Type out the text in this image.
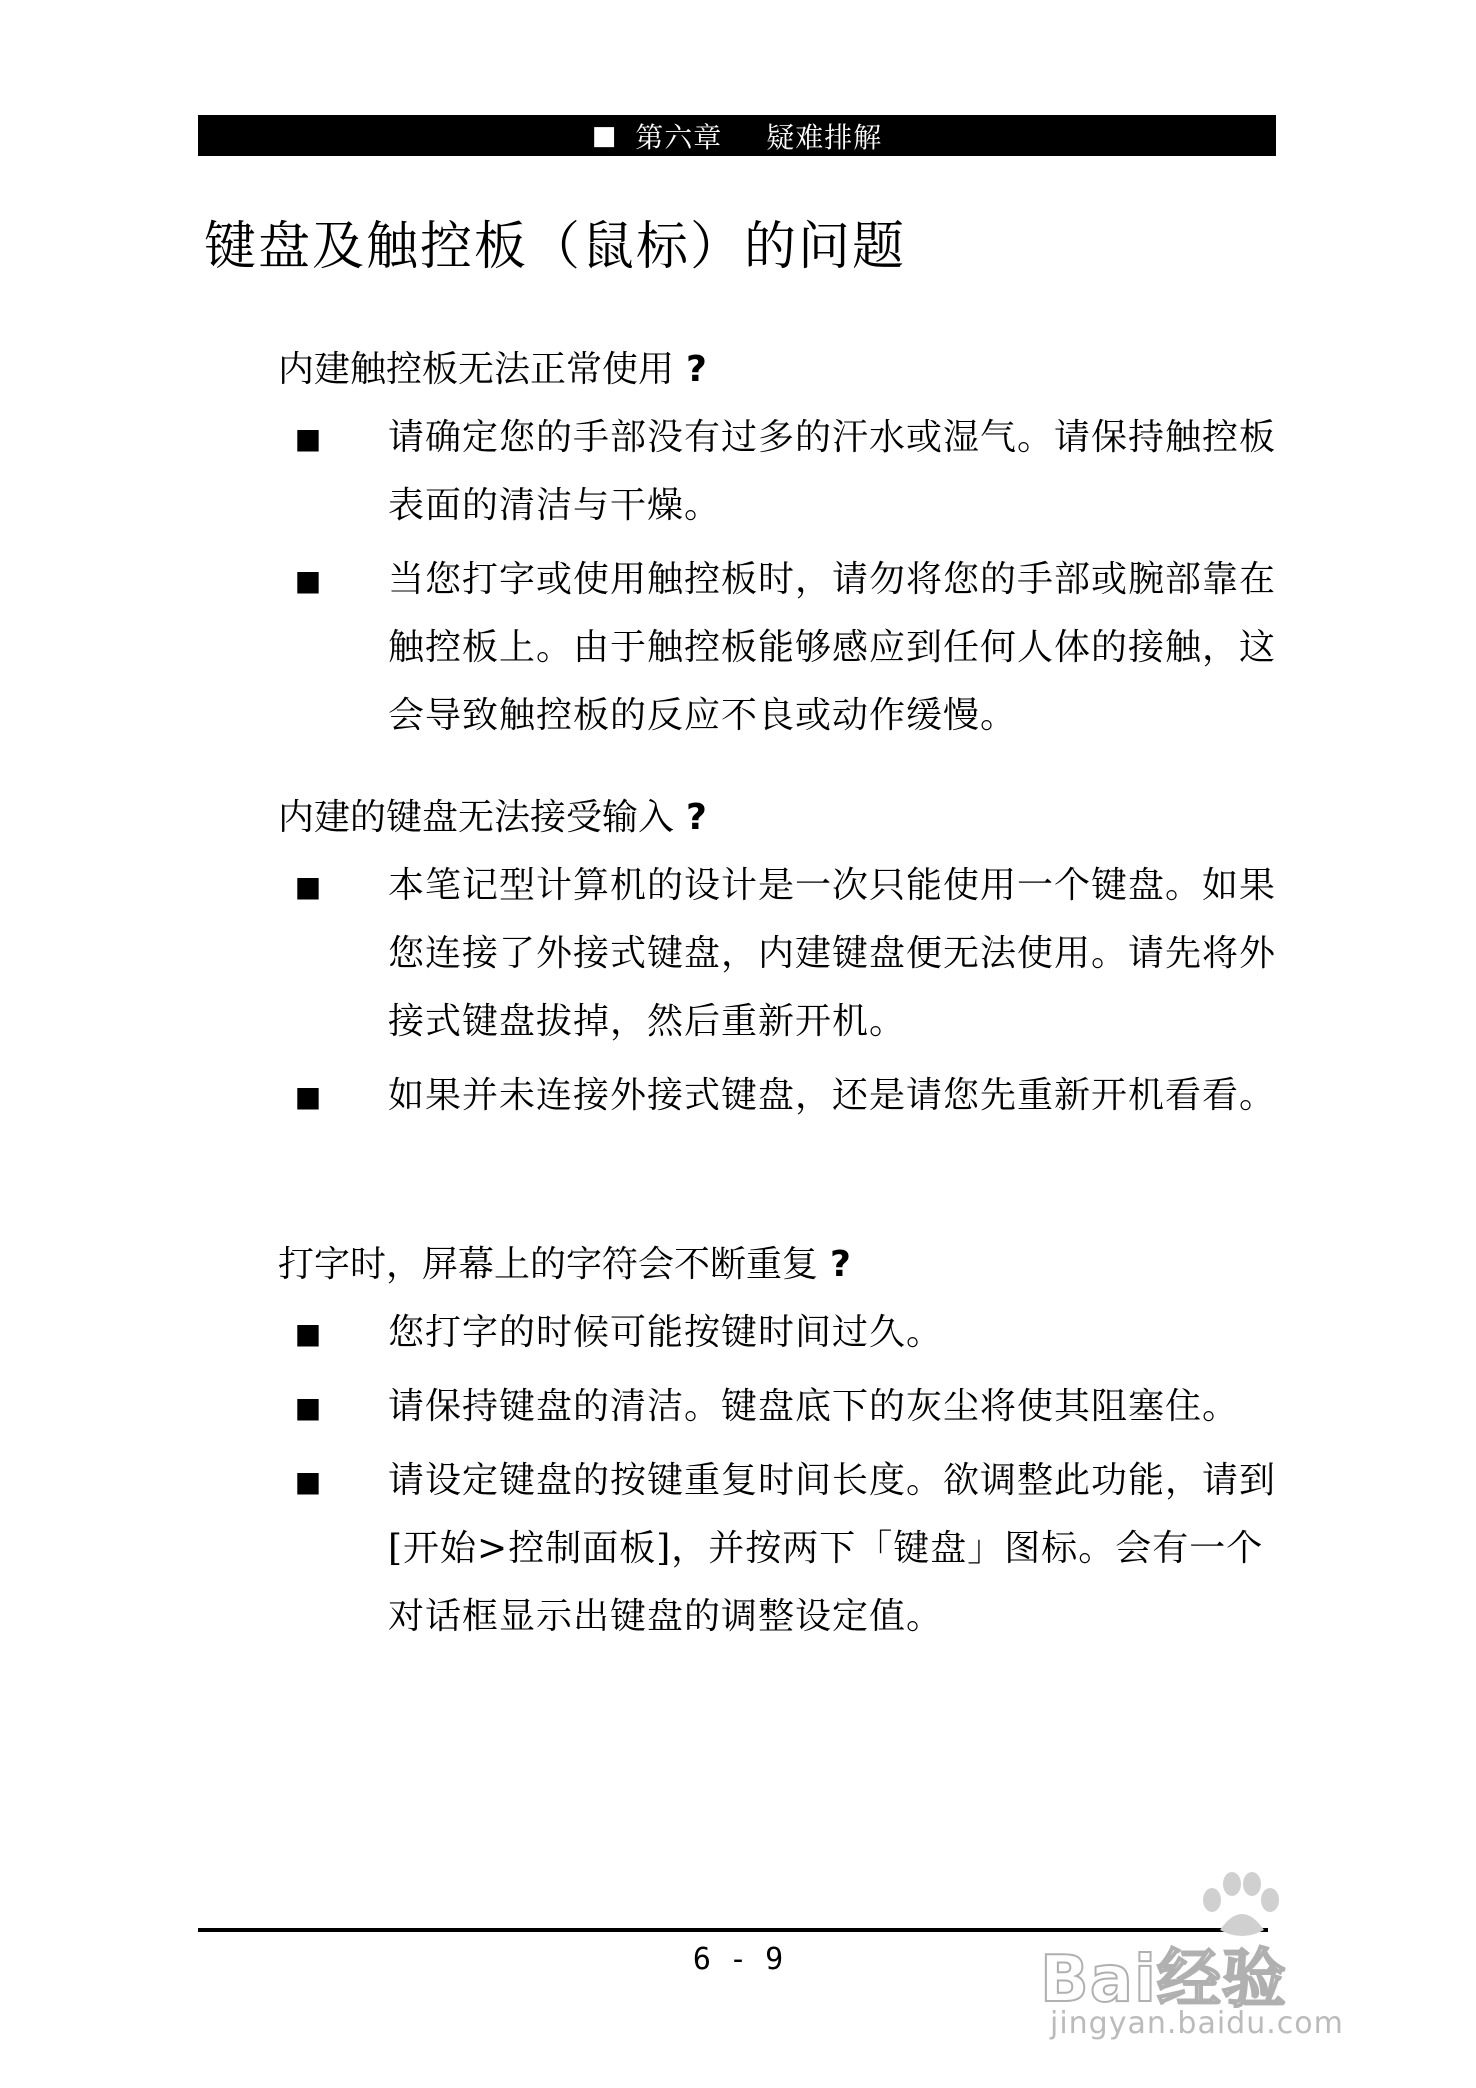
■ 第六章 疑难排解
键盘及触控板（鼠标）的问题
内建触控板无法正常使用 ?
■ 请确定您的手部没有过多的汗水或湿气。请保持触控板表面的清洁与干燥。
■ 当您打字或使用触控板时，请勿将您的手部或腕部靠在触控板上。由于触控板能够感应到任何人体的接触，这会导致触控板的反应不良或动作缓慢。
内建的键盘无法接受输入 ?
■ 本笔记型计算机的设计是一次只能使用一个键盘。如果您连接了外接式键盘，内建键盘便无法使用。请先将外接式键盘拔掉，然后重新开机。
■ 如果并未连接外接式键盘，还是请您先重新开机看看。
打字时，屏幕上的字符会不断重复 ?
■ 您打字的时候可能按键时间过久。
■ 请保持键盘的清洁。键盘底下的灰尘将使其阻塞住。
■ 请设定键盘的按键重复时间长度。欲调整此功能，请到[开始>控制面板]，并按两下「键盘」图标。会有一个对话框显示出键盘的调整设定值。
6 - 9	Bai经验
jingyan.baidu.com
